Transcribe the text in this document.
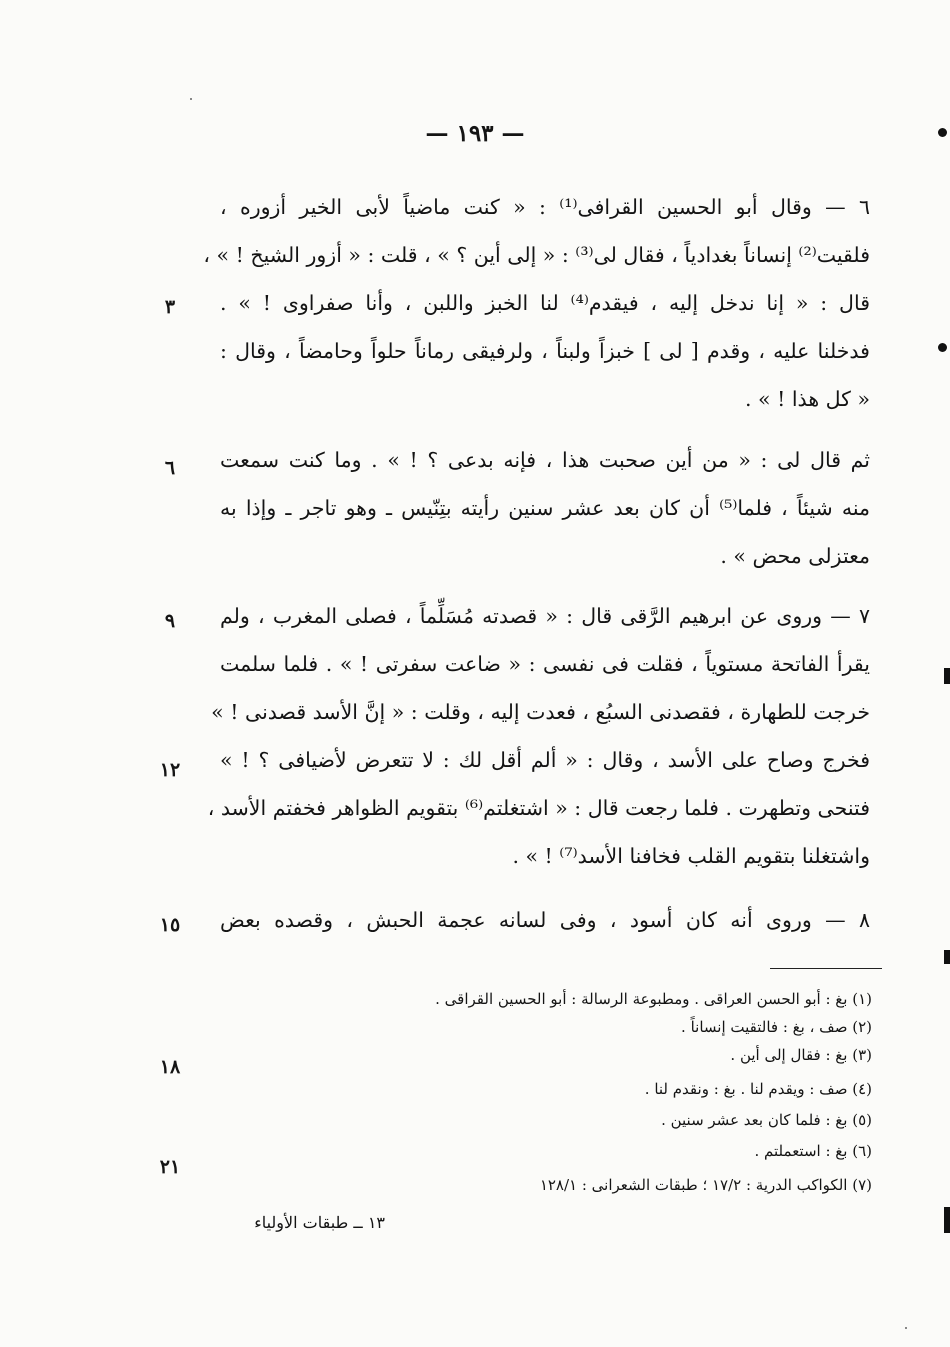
— ١٩٣ —
٦ — وقال أبو الحسين القرافى⁽¹⁾ : « كنت ماضياً لأبى الخير أزوره ،
فلقيت⁽²⁾ إنساناً بغدادياً ، فقال لى⁽³⁾ : « إلى أين ؟ » ، قلت : « أزور الشيخ ! » ،
قال : « إنا ندخل إليه ، فيقدم⁽⁴⁾ لنا الخبز واللبن ، وأنا صفراوى ! » .
فدخلنا عليه ، وقدم [ لى ] خبزاً ولبناً ، ولرفيقى رماناً حلواً وحامضاً ، وقال :
« كل هذا ! » .
ثم قال لى : « من أين صحبت هذا ، فإنه بدعى ؟ ! » . وما كنت سمعت
منه شيئاً ، فلما⁽⁵⁾ أن كان بعد عشر سنين رأيته بتِنّيس ـ وهو تاجر ـ وإذا به
معتزلى محض » .
٧ — وروى عن ابرهيم الرَّقى قال : « قصدته مُسَلِّماً ، فصلى المغرب ، ولم
يقرأ الفاتحة مستوياً ، فقلت فى نفسى : « ضاعت سفرتى ! » . فلما سلمت
خرجت للطهارة ، فقصدنى السبُع ، فعدت إليه ، وقلت : « إنَّ الأسد قصدنى ! »
فخرج وصاح على الأسد ، وقال : « ألم أقل لك : لا تتعرض لأضيافى ؟ ! »
فتنحى وتطهرت . فلما رجعت قال : « اشتغلتم⁽⁶⁾ بتقويم الظواهر فخفتم الأسد ،
واشتغلنا بتقويم القلب فخافنا الأسد⁽⁷⁾ ! » .
٨ — وروى أنه كان أسود ، وفى لسانه عجمة الحبش ، وقصده بعض
٣
٦
٩
١٢
١٥
١٨
٢١
(١) بغ : أبو الحسن العراقى . ومطبوعة الرسالة : أبو الحسين القراقى .
(٢) صف ، بغ : فالتقيت إنساناً .
(٣) بغ : فقال إلى أين .
(٤) صف : ويقدم لنا . بغ : ونقدم لنا .
(٥) بغ : فلما كان بعد عشر سنين .
(٦) بغ : استعملتم .
(٧) الكواكب الدرية : ١٧/٢ ؛ طبقات الشعرانى : ١٢٨/١
١٣ ــ طبقات الأولياء
